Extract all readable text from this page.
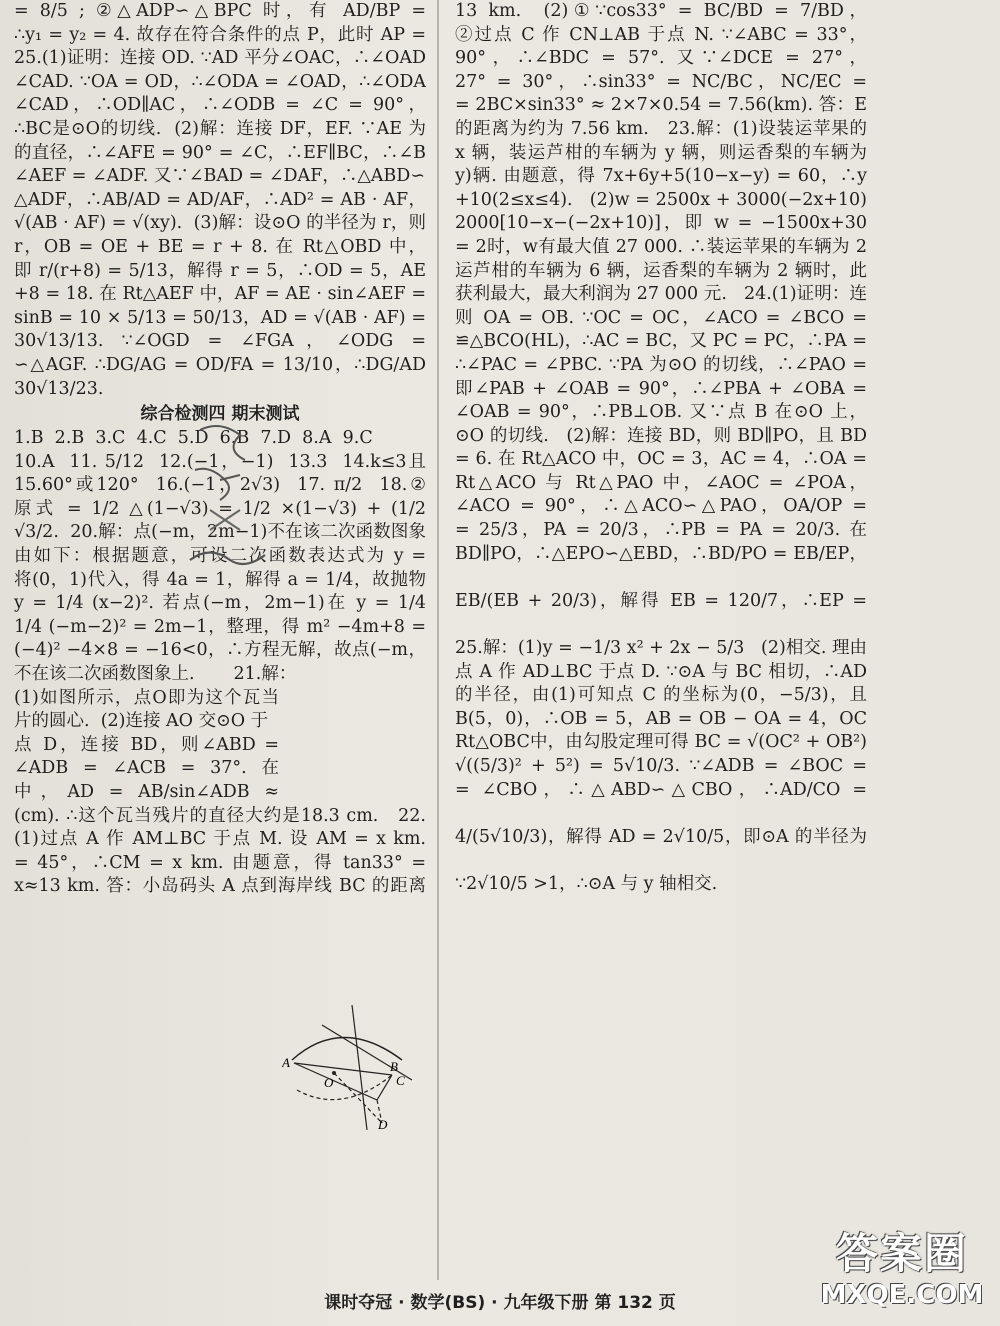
= 8/5 ; ②△ADP∽△BPC 时，有 AD/BP =
∴y₁ = y₂ = 4. 故存在符合条件的点 P，此时 AP =
25.(1)证明：连接 OD. ∵AD 平分∠OAC，∴∠OAD
∠CAD. ∵OA = OD，∴∠ODA = ∠OAD，∴∠ODA
∠CAD，∴OD∥AC，∴∠ODB = ∠C = 90°，
∴BC是⊙O的切线.  (2)解：连接 DF，EF. ∵AE 为
的直径，∴∠AFE = 90° = ∠C，∴EF∥BC，∴∠B
∠AEF = ∠ADF. 又∵∠BAD = ∠DAF，∴△ABD∽
△ADF，∴AB/AD = AD/AF，∴AD² = AB · AF，
√(AB · AF) = √(xy).  (3)解：设⊙O 的半径为 r，则
r，OB = OE + BE = r + 8. 在 Rt△OBD 中，
即 r/(r+8) = 5/13，解得 r = 5，∴OD = 5，AE
+8 = 18. 在 Rt△AEF 中，AF = AE · sin∠AEF =
sinB = 10 × 5/13 = 50/13，AD = √(AB · AF) =
30√13/13. ∵∠OGD = ∠FGA，∠ODG =
∽△AGF. ∴DG/AG = OD/FA = 13/10，∴DG/AD
30√13/23.
综合检测四 期末测试
1.B  2.B  3.C  4.C  5.D  6.B  7.D  8.A  9.C
10.A  11. 5/12  12.(−1，−1)  13.3  14.k≤3且
15.60°或120°  16.(−1，2√3)  17. π/2  18.②
原式 = 1/2 △(1−√3) = 1/2 ×(1−√3) + (1/2
√3/2.  20.解：点(−m，2m−1)不在该二次函数图象
由如下：根据题意，可设二次函数表达式为 y =
将(0，1)代入，得 4a = 1，解得 a = 1/4，故抛物
y = 1/4 (x−2)². 若点(−m，2m−1)在 y = 1/4
1/4 (−m−2)² = 2m−1，整理，得 m² −4m+8 =
(−4)² −4×8 = −16<0，∴方程无解，故点(−m，
不在该二次函数图象上.       21.解：
(1)如图所示，点O即为这个瓦当
片的圆心.  (2)连接 AO 交⊙O 于
点 D，连接 BD，则∠ABD =
∠ADB = ∠ACB = 37°. 在
中，AD = AB/sin∠ADB ≈
(cm). ∴这个瓦当残片的直径大约是18.3 cm.   22.
(1)过点 A 作 AM⊥BC 于点 M. 设 AM = x km.
= 45°，∴CM = x km. 由题意，得 tan33° =
x≈13 km. 答：小岛码头 A 点到海岸线 BC 的距离
13 km.  (2)①∵cos33° = BC/BD = 7/BD，
②过点 C 作 CN⊥AB 于点 N. ∵∠ABC = 33°，
90°，∴∠BDC = 57°. 又∵∠DCE = 27°，
27° = 30°，∴sin33° = NC/BC，NC/EC =
= 2BC×sin33° ≈ 2×7×0.54 = 7.56(km). 答：E
的距离为约为 7.56 km.   23.解：(1)设装运苹果的
x 辆，装运芦柑的车辆为 y 辆，则运香梨的车辆为
y)辆. 由题意，得 7x+6y+5(10−x−y) = 60，∴y
+10(2≤x≤4).   (2)w = 2500x + 3000(−2x+10)
2000[10−x−(−2x+10)]，即 w = −1500x+30
= 2时，w有最大值 27 000. ∴装运苹果的车辆为 2
运芦柑的车辆为 6 辆，运香梨的车辆为 2 辆时，此
获利最大，最大利润为 27 000 元.   24.(1)证明：连
则 OA = OB. ∵OC = OC，∠ACO = ∠BCO =
≌△BCO(HL)，∴AC = BC，又 PC = PC，∴PA =
∴∠PAC = ∠PBC. ∵PA 为⊙O 的切线，∴∠PAO =
即∠PAB + ∠OAB = 90°，∴∠PBA + ∠OBA =
∠OAB = 90°，∴PB⊥OB. 又∵点 B 在⊙O 上，
⊙O 的切线.   (2)解：连接 BD，则 BD∥PO，且 BD
= 6. 在 Rt△ACO 中，OC = 3，AC = 4，∴OA =
Rt△ACO 与 Rt△PAO 中，∠AOC = ∠POA，
∠ACO = 90°，∴△ACO∽△PAO，OA/OP =
= 25/3，PA = 20/3，∴PB = PA = 20/3. 在
BD∥PO，∴△EPO∽△EBD，∴BD/PO = EB/EP，
EB/(EB + 20/3)，解得 EB = 120/7，∴EP =
25.解：(1)y = −1/3 x² + 2x − 5/3   (2)相交. 理由
点 A 作 AD⊥BC 于点 D. ∵⊙A 与 BC 相切，∴AD
的半径，由(1)可知点 C 的坐标为(0，−5/3)，且
B(5，0)，∴OB = 5，AB = OB − OA = 4，OC
Rt△OBC中，由勾股定理可得 BC = √(OC² + OB²)
√((5/3)² + 5²) = 5√10/3. ∵∠ADB = ∠BOC =
= ∠CBO，∴△ABD∽△CBO，∴AD/CO =
4/(5√10/3)，解得 AD = 2√10/5，即⊙A 的半径为
∵2√10/5 >1，∴⊙A 与 y 轴相交.
A
O
B
C
D
课时夺冠 · 数学(BS) · 九年级下册 第 132 页
答案圈
MXQE.COM
